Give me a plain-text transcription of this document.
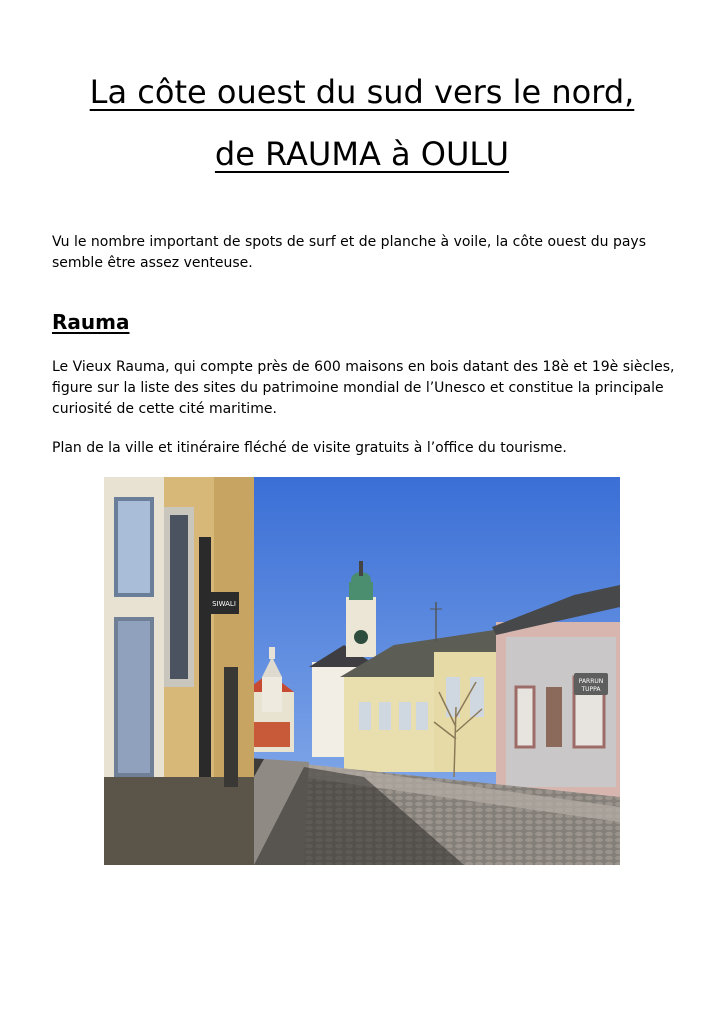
La côte ouest du sud vers le nord,
de RAUMA à OULU

Vu le nombre important de spots de surf et de planche à voile, la côte ouest du pays semble être assez venteuse.

Rauma

Le Vieux Rauma, qui compte près de 600 maisons en bois datant des 18è et 19è siècles, figure sur la liste des sites du patrimoine mondial de l’Unesco et constitue la principale curiosité de cette cité maritime.

Plan de la ville et itinéraire fléché de visite gratuits à l’office du tourisme.

PARRUN
TUPPA
SIWALI
